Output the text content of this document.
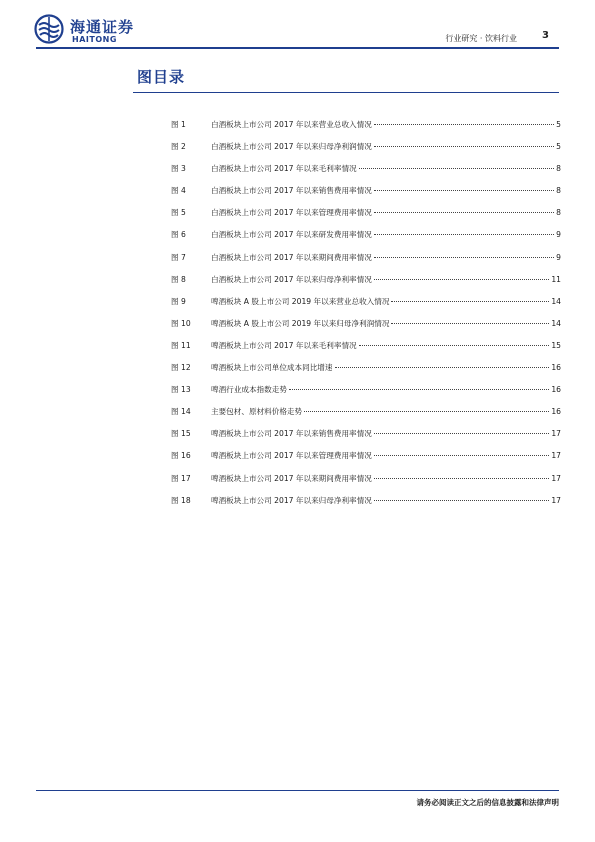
海通证券
HAITONG	行业研究 · 饮料行业	3
图目录
图 1	白酒板块上市公司 2017 年以来营业总收入情况	5
图 2	白酒板块上市公司 2017 年以来归母净利润情况	5
图 3	白酒板块上市公司 2017 年以来毛利率情况	8
图 4	白酒板块上市公司 2017 年以来销售费用率情况	8
图 5	白酒板块上市公司 2017 年以来管理费用率情况	8
图 6	白酒板块上市公司 2017 年以来研发费用率情况	9
图 7	白酒板块上市公司 2017 年以来期间费用率情况	9
图 8	白酒板块上市公司 2017 年以来归母净利率情况	11
图 9	啤酒板块 A 股上市公司 2019 年以来营业总收入情况	14
图 10	啤酒板块 A 股上市公司 2019 年以来归母净利润情况	14
图 11	啤酒板块上市公司 2017 年以来毛利率情况	15
图 12	啤酒板块上市公司单位成本同比增速	16
图 13	啤酒行业成本指数走势	16
图 14	主要包材、原材料价格走势	16
图 15	啤酒板块上市公司 2017 年以来销售费用率情况	17
图 16	啤酒板块上市公司 2017 年以来管理费用率情况	17
图 17	啤酒板块上市公司 2017 年以来期间费用率情况	17
图 18	啤酒板块上市公司 2017 年以来归母净利率情况	17
请务必阅读正文之后的信息披露和法律声明
